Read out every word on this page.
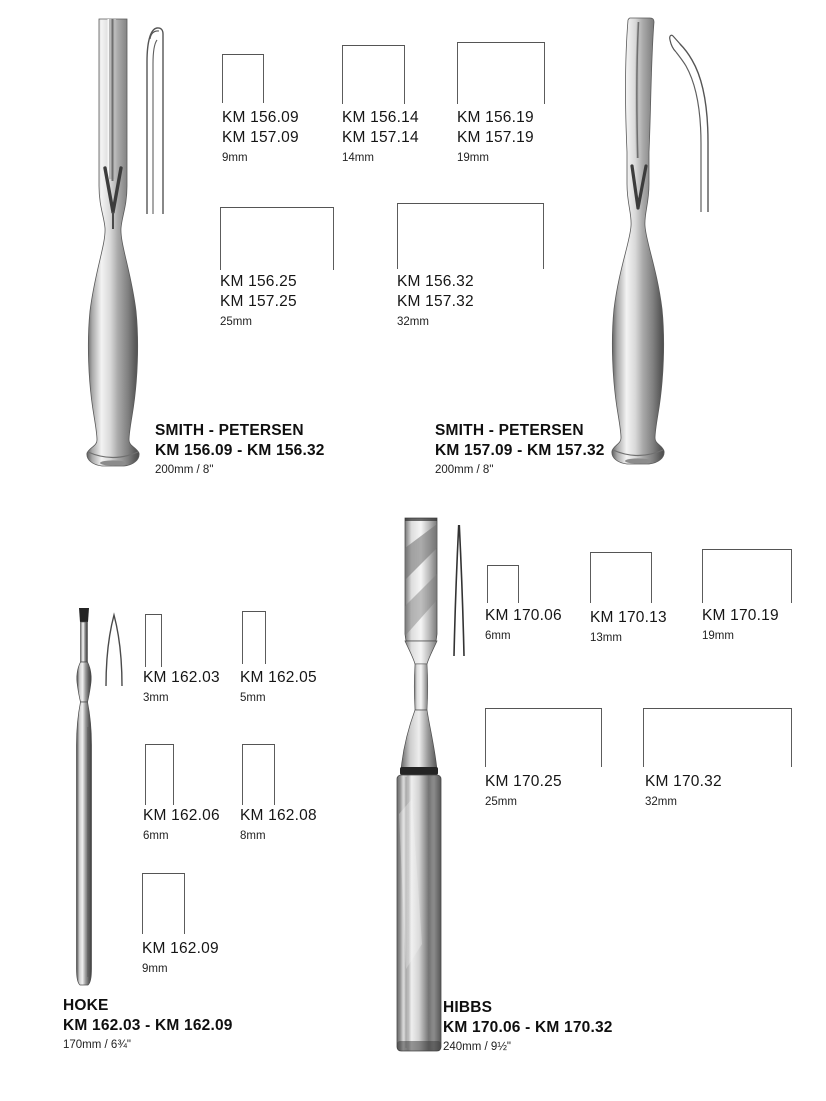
KM 156.09
KM 157.09
9mm
KM 156.14
KM 157.14
14mm
KM 156.19
KM 157.19
19mm
KM 156.25
KM 157.25
25mm
KM 156.32
KM 157.32
32mm
SMITH - PETERSEN
KM 156.09 - KM 156.32
200mm / 8"
SMITH - PETERSEN
KM 157.09 - KM 157.32
200mm / 8"
KM 162.03
3mm
KM 162.05
5mm
KM 162.06
6mm
KM 162.08
8mm
KM 162.09
9mm
HOKE
KM 162.03 - KM 162.09
170mm / 6¾"
KM 170.06
6mm
KM 170.13
13mm
KM 170.19
19mm
KM 170.25
25mm
KM 170.32
32mm
HIBBS
KM 170.06 - KM 170.32
240mm / 9½"
